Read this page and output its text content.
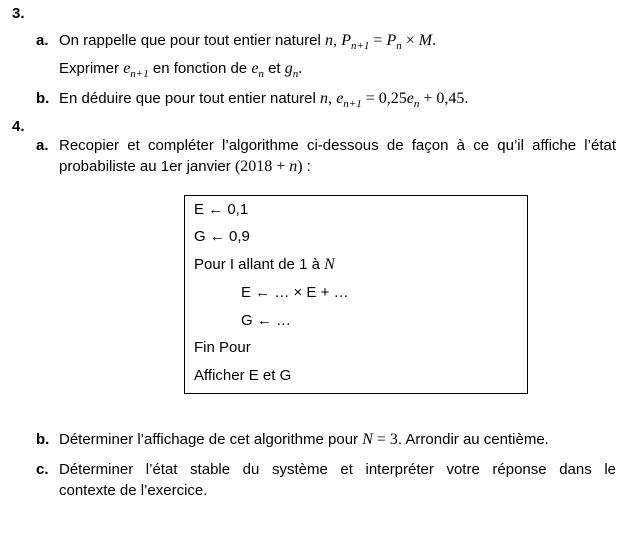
3.
a. On rappelle que pour tout entier naturel n, $P_{n+1} = P_n \times M$.
Exprimer $e_{n+1}$ en fonction de $e_n$ et $g_n$.
b. En déduire que pour tout entier naturel n, $e_{n+1} = 0,25e_n + 0,45$.
4.
a. Recopier et compléter l’algorithme ci-dessous de façon à ce qu’il affiche l’état
probabiliste au 1er janvier (2018 + n) :
E ← 0,1
G ← 0,9
Pour I allant de 1 à N
E ← … × E + …
G ← …
Fin Pour
Afficher E et G
b. Déterminer l’affichage de cet algorithme pour N = 3. Arrondir au centième.
c. Déterminer l’état stable du système et interpréter votre réponse dans le
contexte de l’exercice.
